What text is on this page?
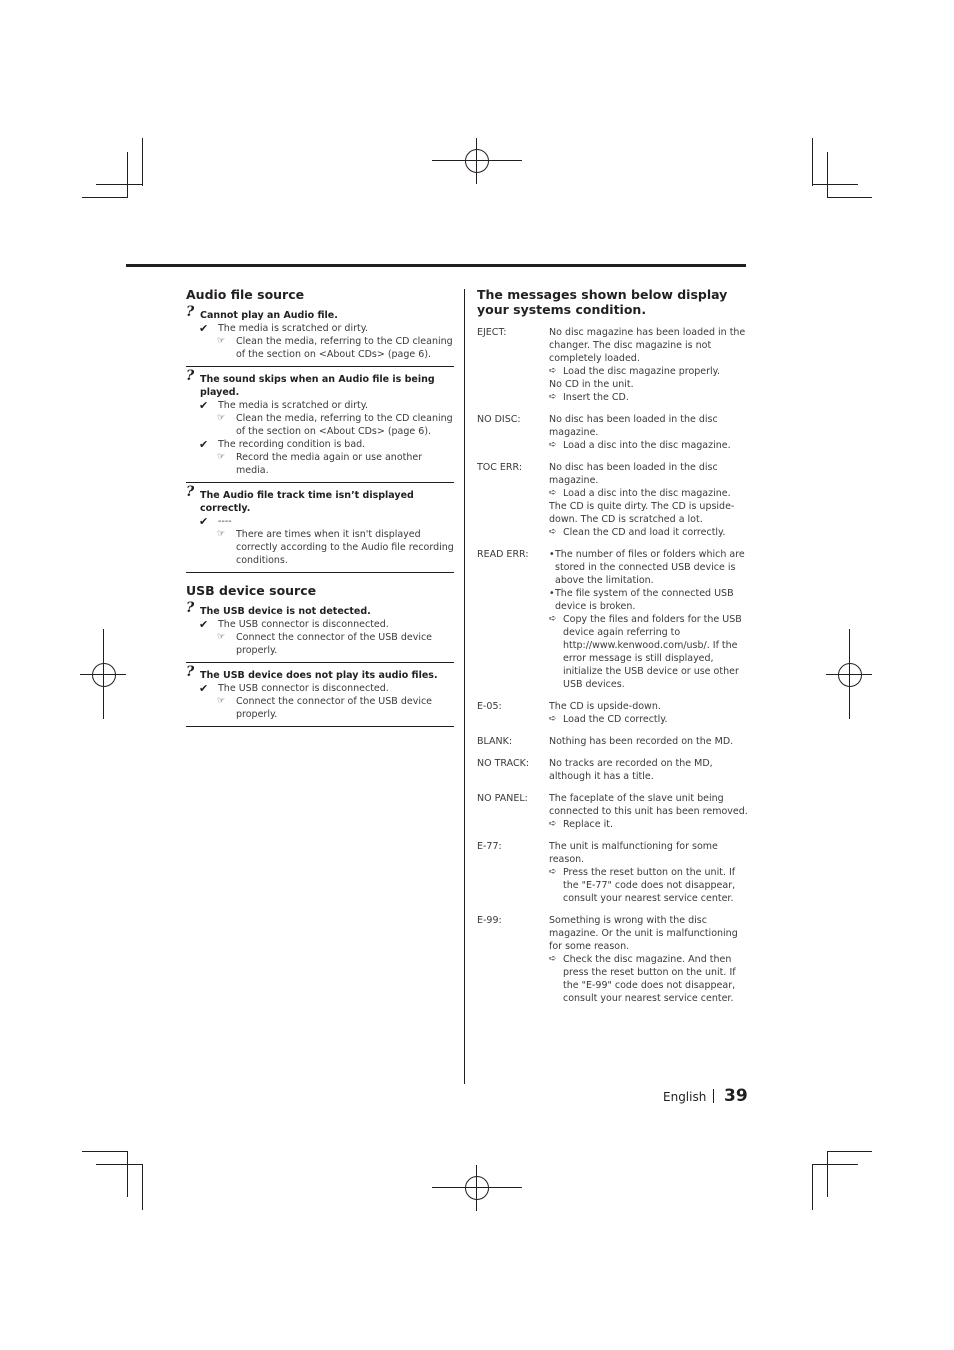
Audio file source
? Cannot play an Audio file.
✔ The media is scratched or dirty.
☞ Clean the media, referring to the CD cleaning of the section on <About CDs> (page 6).
? The sound skips when an Audio file is being played.
✔ The media is scratched or dirty.
☞ Clean the media, referring to the CD cleaning of the section on <About CDs> (page 6).
✔ The recording condition is bad.
☞ Record the media again or use another media.
? The Audio file track time isn’t displayed correctly.
✔ ----
☞ There are times when it isn't displayed correctly according to the Audio file recording conditions.
USB device source
? The USB device is not detected.
✔ The USB connector is disconnected.
☞ Connect the connector of the USB device properly.
? The USB device does not play its audio files.
✔ The USB connector is disconnected.
☞ Connect the connector of the USB device properly.
The messages shown below display your systems condition.
EJECT:	No disc magazine has been loaded in the changer. The disc magazine is not completely loaded.
➪ Load the disc magazine properly.
No CD in the unit.
➪ Insert the CD.
NO DISC:	No disc has been loaded in the disc magazine.
➪ Load a disc into the disc magazine.
TOC ERR:	No disc has been loaded in the disc magazine.
➪ Load a disc into the disc magazine.
The CD is quite dirty. The CD is upside-down. The CD is scratched a lot.
➪ Clean the CD and load it correctly.
READ ERR:	• The number of files or folders which are stored in the connected USB device is above the limitation.
• The file system of the connected USB device is broken.
➪ Copy the files and folders for the USB device again referring to http://www.kenwood.com/usb/. If the error message is still displayed, initialize the USB device or use other USB devices.
E-05:	The CD is upside-down.
➪ Load the CD correctly.
BLANK:	Nothing has been recorded on the MD.
NO TRACK:	No tracks are recorded on the MD, although it has a title.
NO PANEL:	The faceplate of the slave unit being connected to this unit has been removed.
➪ Replace it.
E-77:	The unit is malfunctioning for some reason.
➪ Press the reset button on the unit. If the "E-77" code does not disappear, consult your nearest service center.
E-99:	Something is wrong with the disc magazine. Or the unit is malfunctioning for some reason.
➪ Check the disc magazine. And then press the reset button on the unit. If the "E-99" code does not disappear, consult your nearest service center.
English 39
